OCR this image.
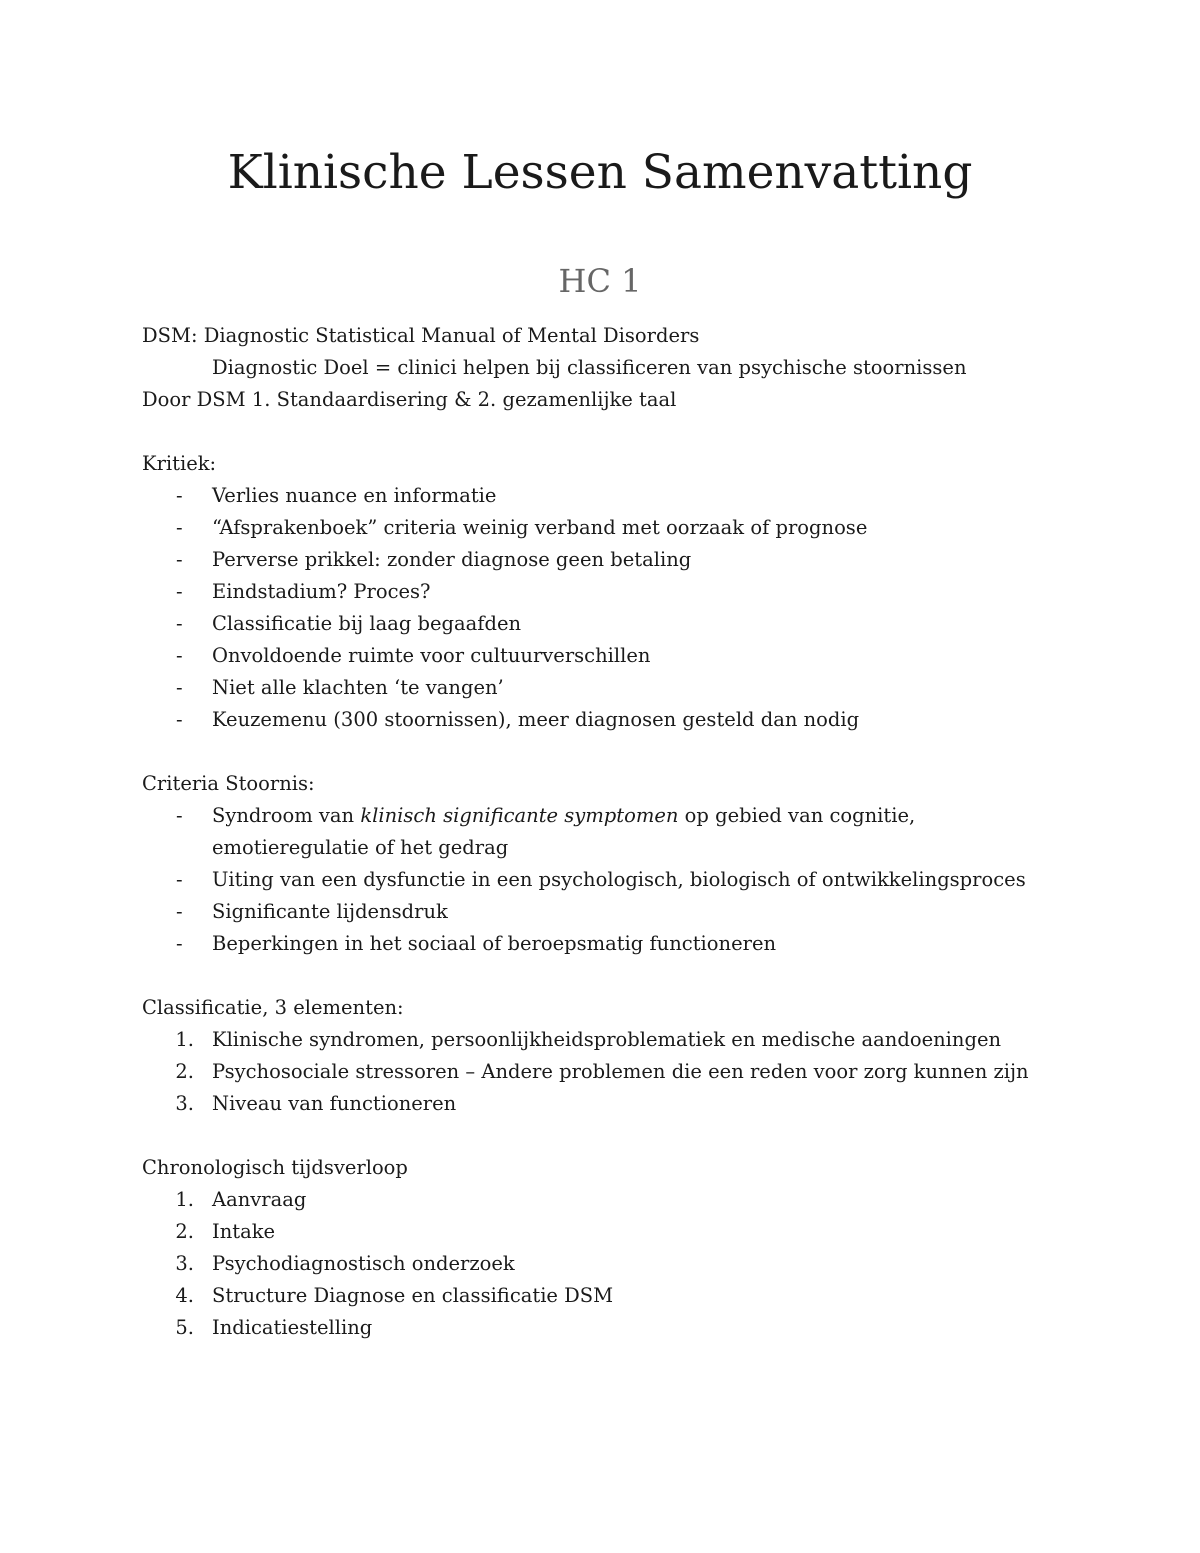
Klinische Lessen Samenvatting
HC 1
DSM: Diagnostic Statistical Manual of Mental Disorders
Diagnostic Doel = clinici helpen bij classificeren van psychische stoornissen
Door DSM 1. Standaardisering & 2. gezamenlijke taal
Kritiek:
- Verlies nuance en informatie
- “Afsprakenboek” criteria weinig verband met oorzaak of prognose
- Perverse prikkel: zonder diagnose geen betaling
- Eindstadium? Proces?
- Classificatie bij laag begaafden
- Onvoldoende ruimte voor cultuurverschillen
- Niet alle klachten ‘te vangen’
- Keuzemenu (300 stoornissen), meer diagnosen gesteld dan nodig
Criteria Stoornis:
- Syndroom van klinisch significante symptomen op gebied van cognitie, emotieregulatie of het gedrag
- Uiting van een dysfunctie in een psychologisch, biologisch of ontwikkelingsproces
- Significante lijdensdruk
- Beperkingen in het sociaal of beroepsmatig functioneren
Classificatie, 3 elementen:
1. Klinische syndromen, persoonlijkheidsproblematiek en medische aandoeningen
2. Psychosociale stressoren – Andere problemen die een reden voor zorg kunnen zijn
3. Niveau van functioneren
Chronologisch tijdsverloop
1. Aanvraag
2. Intake
3. Psychodiagnostisch onderzoek
4. Structure Diagnose en classificatie DSM
5. Indicatiestelling
